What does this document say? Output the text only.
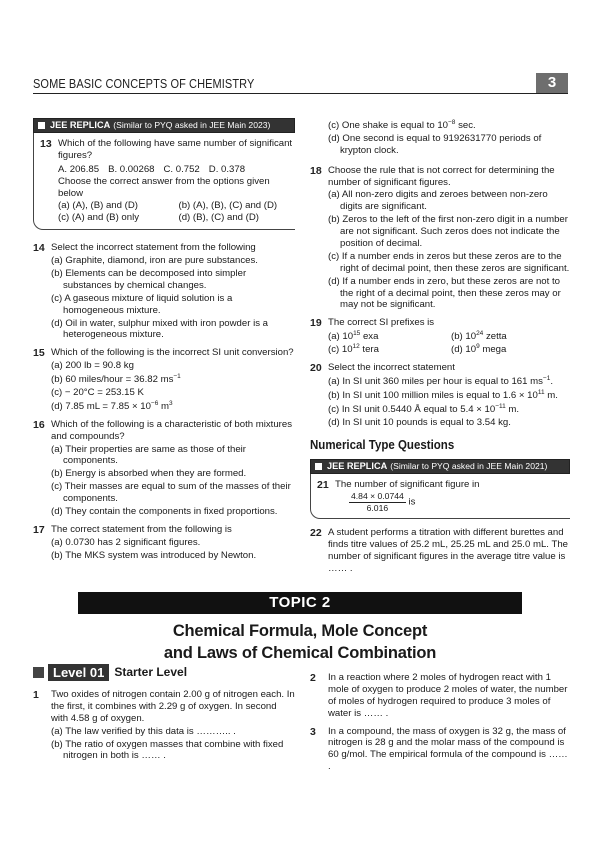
SOME BASIC CONCEPTS OF CHEMISTRY	3
JEE REPLICA (Similar to PYQ asked in JEE Main 2023)
13 Which of the following have same number of significant figures?
A. 206.85 B. 0.00268 C. 0.752 D. 0.378
Choose the correct answer from the options given below
(a) (A), (B) and (D)	(b) (A), (B), (C) and (D)
(c) (A) and (B) only	(d) (B), (C) and (D)
14 Select the incorrect statement from the following
(a) Graphite, diamond, iron are pure substances.
(b) Elements can be decomposed into simpler substances by chemical changes.
(c) A gaseous mixture of liquid solution is a homogeneous mixture.
(d) Oil in water, sulphur mixed with iron powder is a heterogeneous mixture.
15 Which of the following is the incorrect SI unit conversion?
(a) 200 lb = 90.8 kg
(b) 60 miles/hour = 36.82 $ms^{-1}$
(c) − 20°C = 253.15 K
(d) 7.85 mL = $7.85 \times 10^{-6}$ $m^3$
16 Which of the following is a characteristic of both mixtures and compounds?
(a) Their properties are same as those of their components.
(b) Energy is absorbed when they are formed.
(c) Their masses are equal to sum of the masses of their components.
(d) They contain the components in fixed proportions.
17 The correct statement from the following is
(a) 0.0730 has 2 significant figures.
(b) The MKS system was introduced by Newton.
(c) One shake is equal to $10^{-8}$ sec.
(d) One second is equal to 9192631770 periods of krypton clock.
18 Choose the rule that is not correct for determining the number of significant figures.
(a) All non-zero digits and zeroes between non-zero digits are significant.
(b) Zeros to the left of the first non-zero digit in a number are not significant. Such zeros does not indicate the position of decimal.
(c) If a number ends in zeros but these zeros are to the right of decimal point, then these zeros are significant.
(d) If a number ends in zero, but these zeros are not to the right of a decimal point, then these zeros may or may not be significant.
19 The correct SI prefixes is
(a) $10^{15}$ exa	(b) $10^{24}$ zetta
(c) $10^{12}$ tera	(d) $10^9$ mega
20 Select the incorrect statement
(a) In SI unit 360 miles per hour is equal to 161 $ms^{-1}$.
(b) In SI unit 100 million miles is equal to $1.6 \times 10^{11}$ m.
(c) In SI unit 0.5440 Å equal to $5.4 \times 10^{-11}$ m.
(d) In SI unit 10 pounds is equal to 3.54 kg.
Numerical Type Questions
JEE REPLICA (Similar to PYQ asked in JEE Main 2021)
21 The number of significant figure in
$\frac{4.84 \times 0.0744}{6.016}$ is
22 A student performs a titration with different burettes and finds titre values of 25.2 mL, 25.25 mL and 25.0 mL. The number of significant figures in the average titre value is …… .
TOPIC 2
Chemical Formula, Mole Concept
and Laws of Chemical Combination
Level 01 Starter Level
1 Two oxides of nitrogen contain 2.00 g of nitrogen each. In the first, it combines with 2.29 g of oxygen. In second with 4.58 g of oxygen.
(a) The law verified by this data is ……….. .
(b) The ratio of oxygen masses that combine with fixed nitrogen in both is …… .
2 In a reaction where 2 moles of hydrogen react with 1 mole of oxygen to produce 2 moles of water, the number of moles of hydrogen required to produce 3 moles of water is …… .
3 In a compound, the mass of oxygen is 32 g, the mass of nitrogen is 28 g and the molar mass of the compound is 60 g/mol. The empirical formula of the compound is …… .
